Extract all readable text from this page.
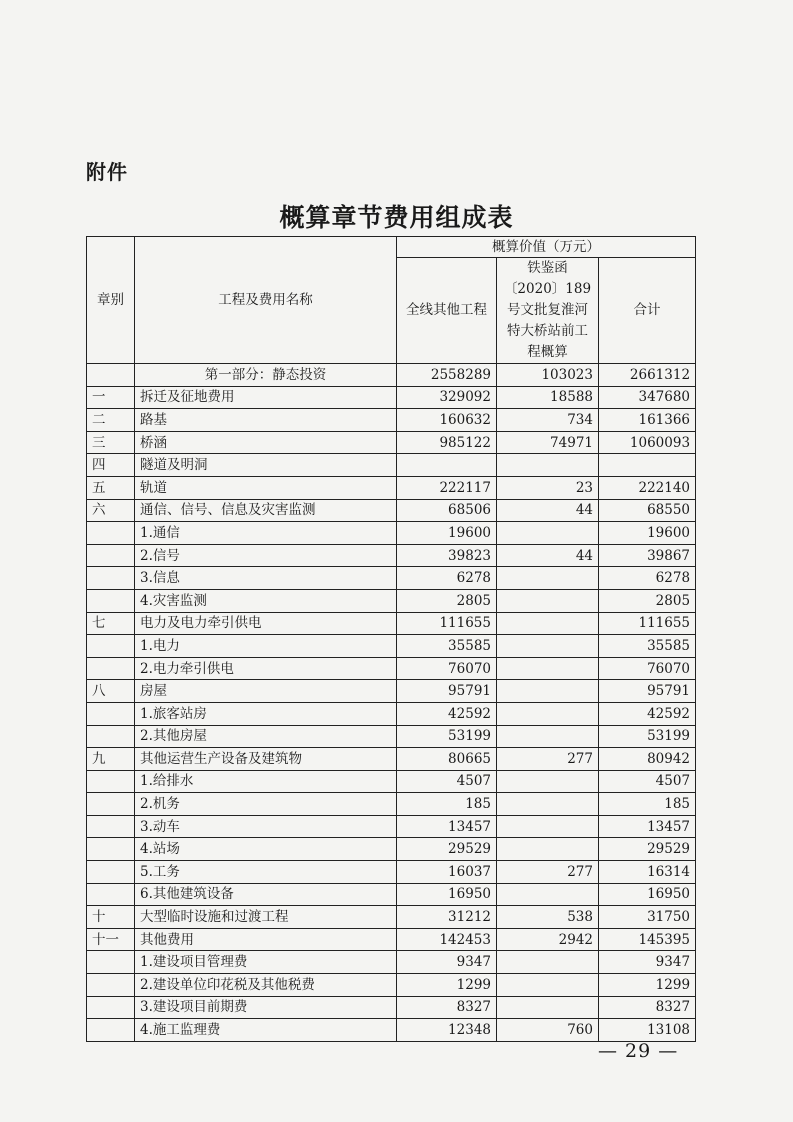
附件
概算章节费用组成表
章别	工程及费用名称	概算价值（万元）		
		全线其他工程	铁鉴函〔2020〕189号文批复淮河特大桥站前工程概算	合计
	第一部分：静态投资	2558289	103023	2661312
一	拆迁及征地费用	329092	18588	347680
二	路基	160632	734	161366
三	桥涵	985122	74971	1060093
四	隧道及明洞			
五	轨道	222117	23	222140
六	通信、信号、信息及灾害监测	68506	44	68550
	1.通信	19600		19600
	2.信号	39823	44	39867
	3.信息	6278		6278
	4.灾害监测	2805		2805
七	电力及电力牵引供电	111655		111655
	1.电力	35585		35585
	2.电力牵引供电	76070		76070
八	房屋	95791		95791
	1.旅客站房	42592		42592
	2.其他房屋	53199		53199
九	其他运营生产设备及建筑物	80665	277	80942
	1.给排水	4507		4507
	2.机务	185		185
	3.动车	13457		13457
	4.站场	29529		29529
	5.工务	16037	277	16314
	6.其他建筑设备	16950		16950
十	大型临时设施和过渡工程	31212	538	31750
十一	其他费用	142453	2942	145395
	1.建设项目管理费	9347		9347
	2.建设单位印花税及其他税费	1299		1299
	3.建设项目前期费	8327		8327
	4.施工监理费	12348	760	13108
— 29 —
